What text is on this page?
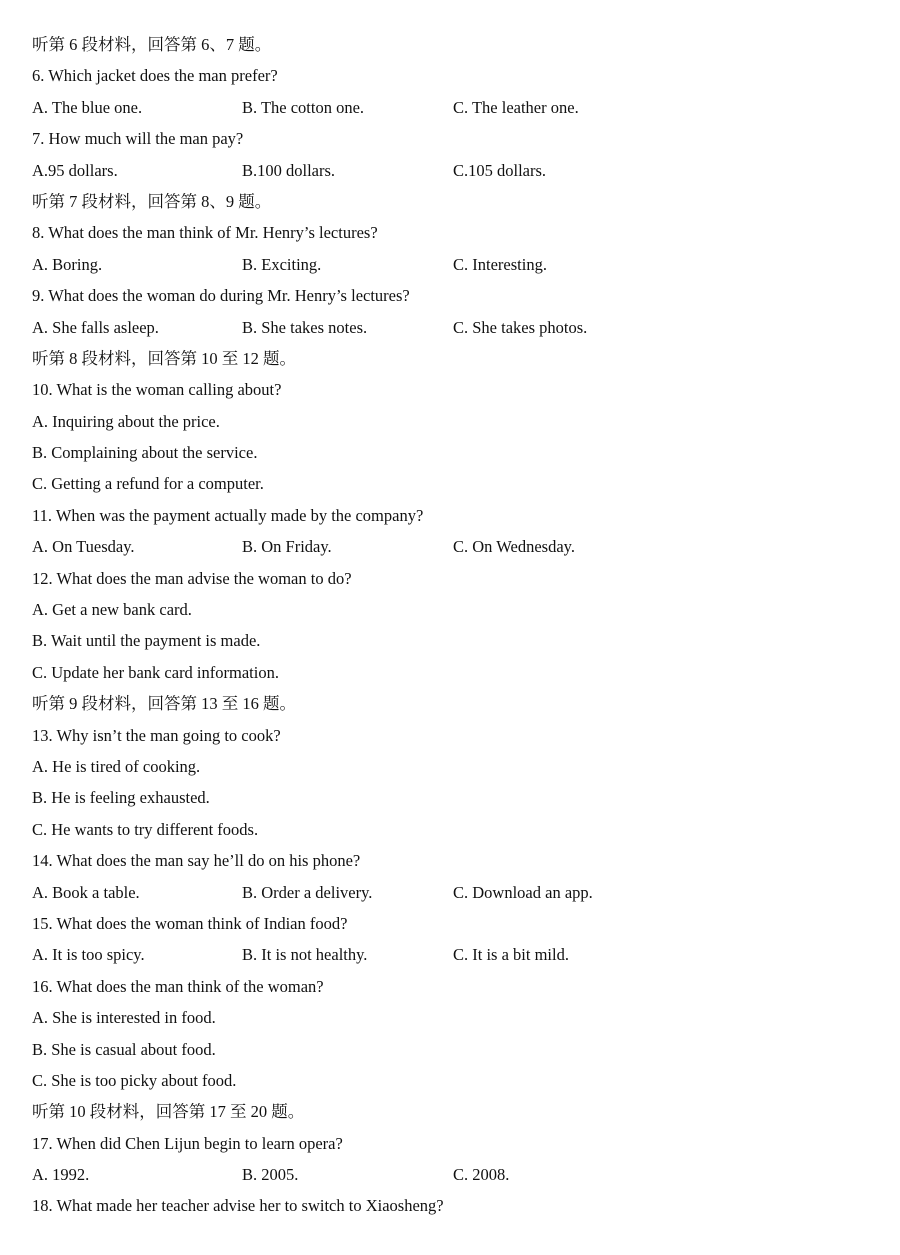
听第 6 段材料，回答第 6、7 题。
6. Which jacket does the man prefer?
A. The blue one.	B. The cotton one.	C. The leather one.
7. How much will the man pay?
A.95 dollars.	B.100 dollars.	C.105 dollars.
听第 7 段材料，回答第 8、9 题。
8. What does the man think of Mr. Henry’s lectures?
A. Boring.	B. Exciting.	C. Interesting.
9. What does the woman do during Mr. Henry’s lectures?
A. She falls asleep.	B. She takes notes.	C. She takes photos.
听第 8 段材料，回答第 10 至 12 题。
10. What is the woman calling about?
A. Inquiring about the price.
B. Complaining about the service.
C. Getting a refund for a computer.
11. When was the payment actually made by the company?
A. On Tuesday.	B. On Friday.	C. On Wednesday.
12. What does the man advise the woman to do?
A. Get a new bank card.
B. Wait until the payment is made.
C. Update her bank card information.
听第 9 段材料，回答第 13 至 16 题。
13. Why isn’t the man going to cook?
A. He is tired of cooking.
B. He is feeling exhausted.
C. He wants to try different foods.
14. What does the man say he’ll do on his phone?
A. Book a table.	B. Order a delivery.	C. Download an app.
15. What does the woman think of Indian food?
A. It is too spicy.	B. It is not healthy.	C. It is a bit mild.
16. What does the man think of the woman?
A. She is interested in food.
B. She is casual about food.
C. She is too picky about food.
听第 10 段材料，回答第 17 至 20 题。
17. When did Chen Lijun begin to learn opera?
A. 1992.	B. 2005.	C. 2008.
18. What made her teacher advise her to switch to Xiaosheng?
